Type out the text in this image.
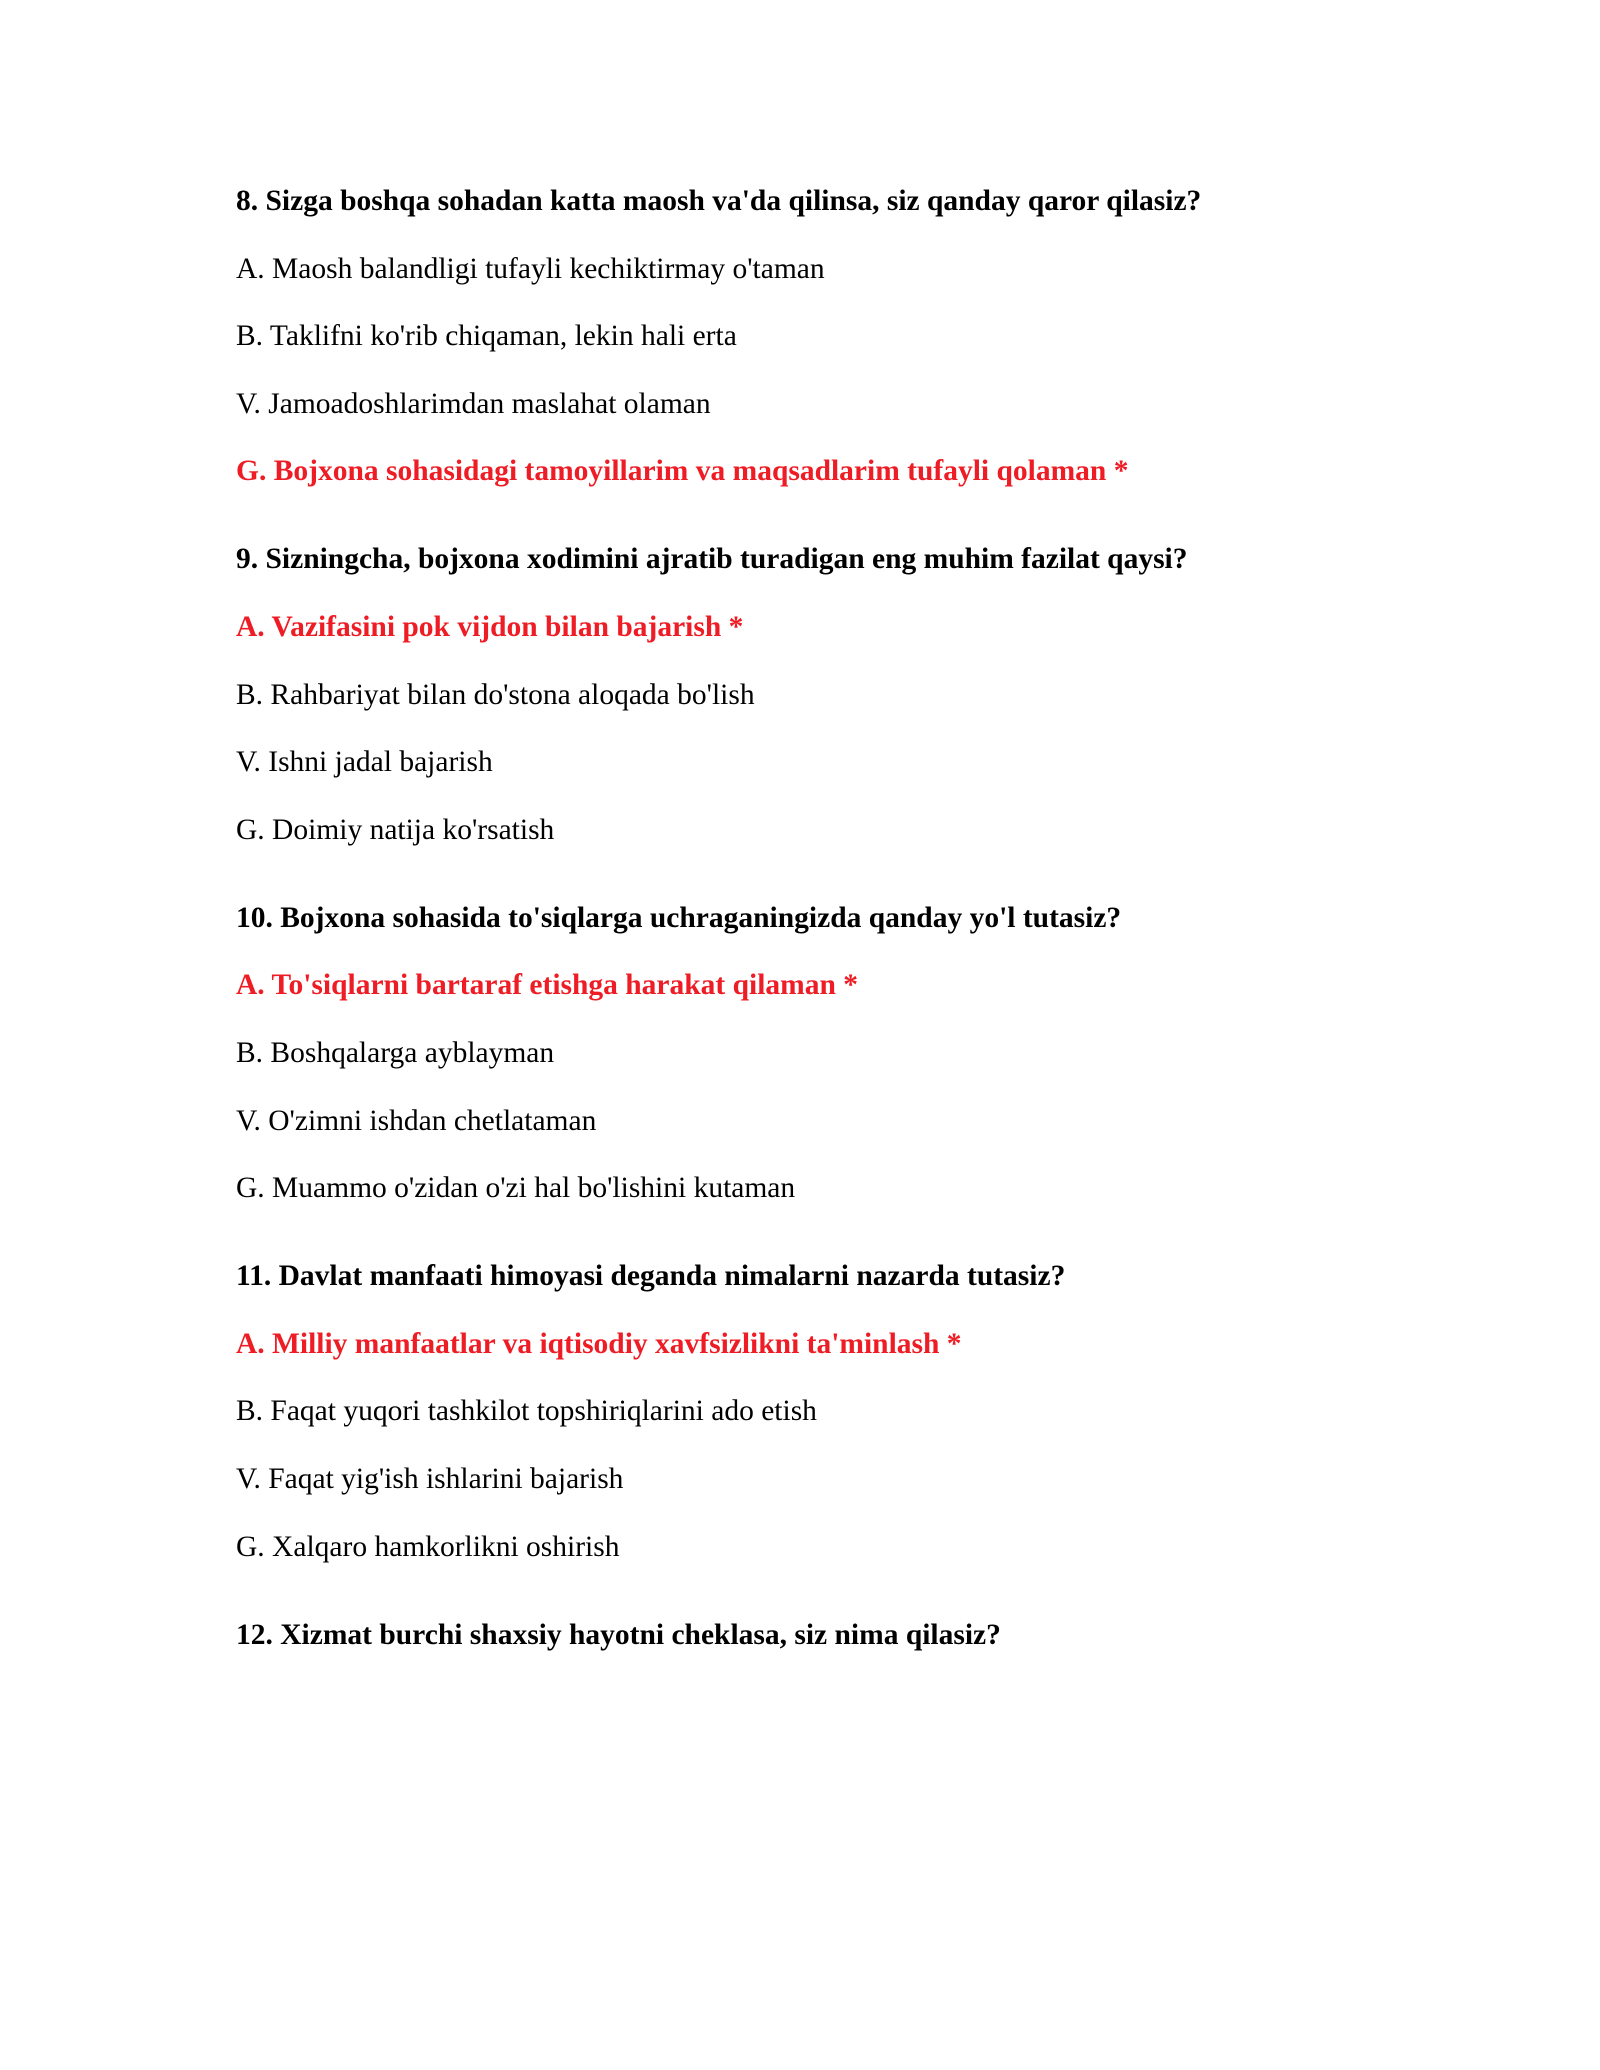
8. Sizga boshqa sohadan katta maosh va'da qilinsa, siz qanday qaror qilasiz?
A. Maosh balandligi tufayli kechiktirmay o'taman
B. Taklifni ko'rib chiqaman, lekin hali erta
V. Jamoadoshlarimdan maslahat olaman
G. Bojxona sohasidagi tamoyillarim va maqsadlarim tufayli qolaman *
9. Sizningcha, bojxona xodimini ajratib turadigan eng muhim fazilat qaysi?
A. Vazifasini pok vijdon bilan bajarish *
B. Rahbariyat bilan do'stona aloqada bo'lish
V. Ishni jadal bajarish
G. Doimiy natija ko'rsatish
10. Bojxona sohasida to'siqlarga uchraganingizda qanday yo'l tutasiz?
A. To'siqlarni bartaraf etishga harakat qilaman *
B. Boshqalarga ayblayman
V. O'zimni ishdan chetlataman
G. Muammo o'zidan o'zi hal bo'lishini kutaman
11. Davlat manfaati himoyasi deganda nimalarni nazarda tutasiz?
A. Milliy manfaatlar va iqtisodiy xavfsizlikni ta'minlash *
B. Faqat yuqori tashkilot topshiriqlarini ado etish
V. Faqat yig'ish ishlarini bajarish
G. Xalqaro hamkorlikni oshirish
12. Xizmat burchi shaxsiy hayotni cheklasa, siz nima qilasiz?
